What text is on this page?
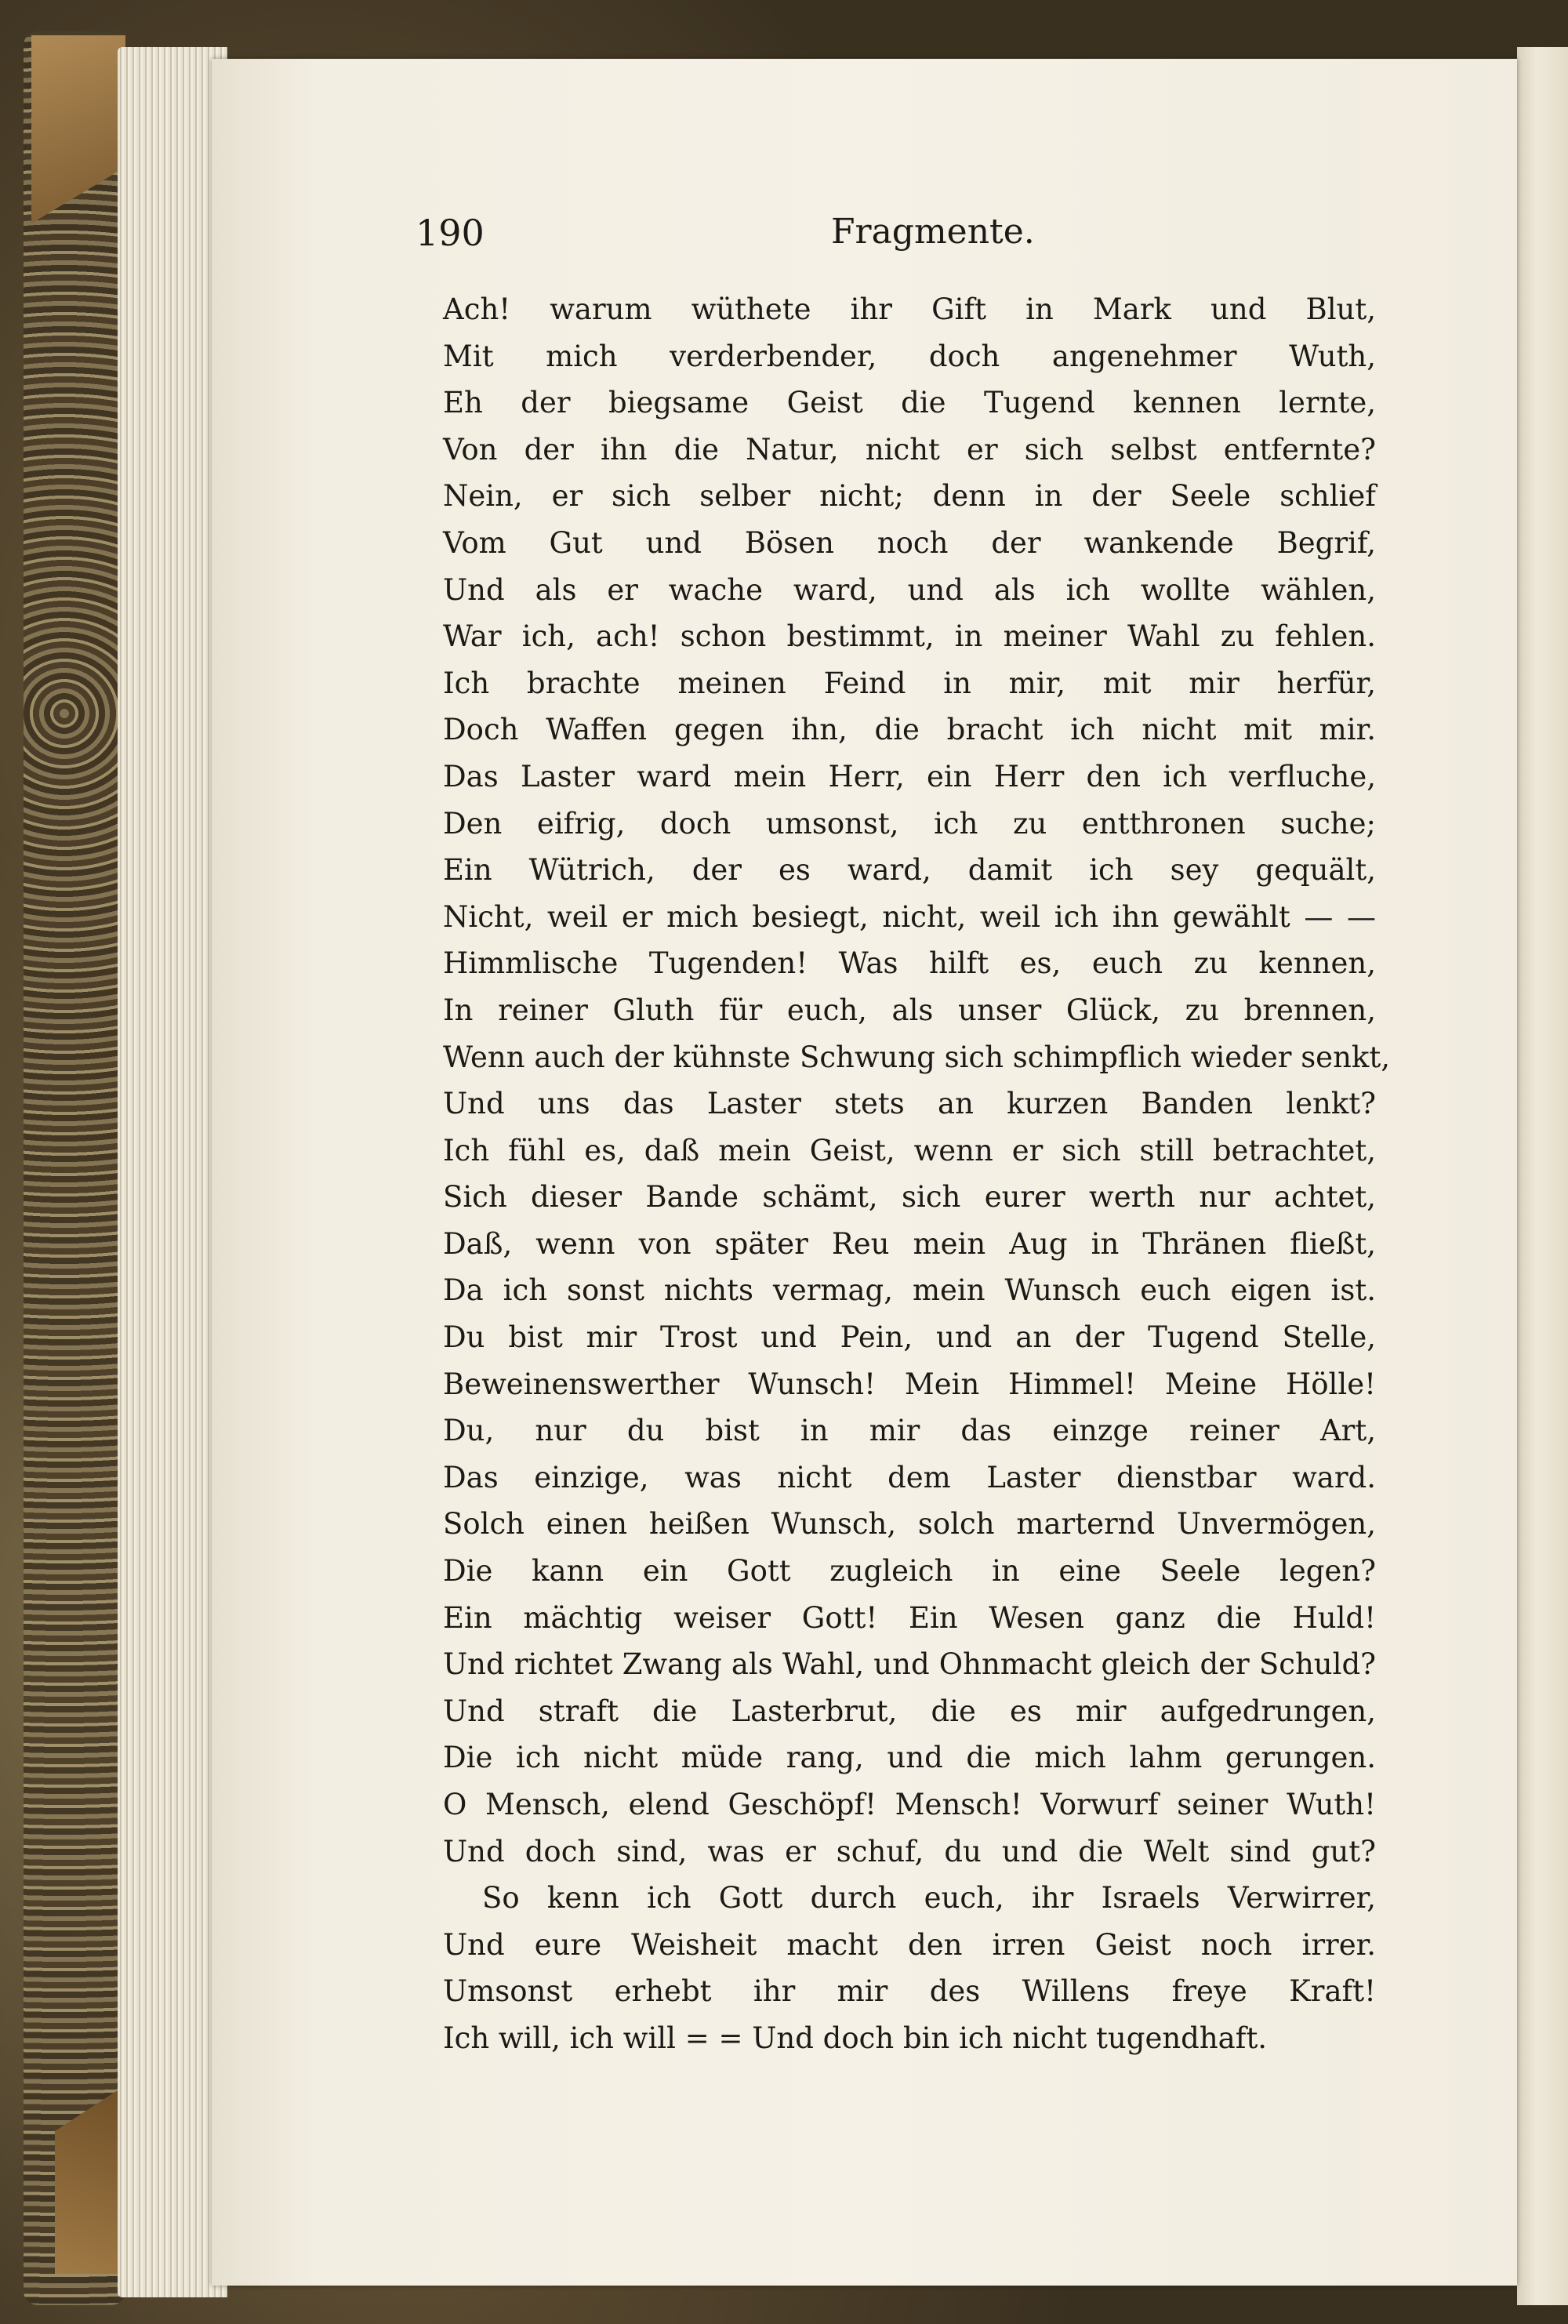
190	Fragmente.
Ach! warum wüthete ihr Gift in Mark und Blut,
Mit mich verderbender, doch angenehmer Wuth,
Eh der biegsame Geist die Tugend kennen lernte,
Von der ihn die Natur, nicht er sich selbst entfernte?
Nein, er sich selber nicht; denn in der Seele schlief
Vom Gut und Bösen noch der wankende Begrif,
Und als er wache ward, und als ich wollte wählen,
War ich, ach! schon bestimmt, in meiner Wahl zu fehlen.
Ich brachte meinen Feind in mir, mit mir herfür,
Doch Waffen gegen ihn, die bracht ich nicht mit mir.
Das Laster ward mein Herr, ein Herr den ich verfluche,
Den eifrig, doch umsonst, ich zu entthronen suche;
Ein Wütrich, der es ward, damit ich sey gequält,
Nicht, weil er mich besiegt, nicht, weil ich ihn gewählt — —
Himmlische Tugenden! Was hilft es, euch zu kennen,
In reiner Gluth für euch, als unser Glück, zu brennen,
Wenn auch der kühnste Schwung sich schimpflich wieder senkt,
Und uns das Laster stets an kurzen Banden lenkt?
Ich fühl es, daß mein Geist, wenn er sich still betrachtet,
Sich dieser Bande schämt, sich eurer werth nur achtet,
Daß, wenn von später Reu mein Aug in Thränen fließt,
Da ich sonst nichts vermag, mein Wunsch euch eigen ist.
Du bist mir Trost und Pein, und an der Tugend Stelle,
Beweinenswerther Wunsch! Mein Himmel! Meine Hölle!
Du, nur du bist in mir das einzge reiner Art,
Das einzige, was nicht dem Laster dienstbar ward.
Solch einen heißen Wunsch, solch marternd Unvermögen,
Die kann ein Gott zugleich in eine Seele legen?
Ein mächtig weiser Gott! Ein Wesen ganz die Huld!
Und richtet Zwang als Wahl, und Ohnmacht gleich der Schuld?
Und straft die Lasterbrut, die es mir aufgedrungen,
Die ich nicht müde rang, und die mich lahm gerungen.
O Mensch, elend Geschöpf! Mensch! Vorwurf seiner Wuth!
Und doch sind, was er schuf, du und die Welt sind gut?
So kenn ich Gott durch euch, ihr Israels Verwirrer,
Und eure Weisheit macht den irren Geist noch irrer.
Umsonst erhebt ihr mir des Willens freye Kraft!
Ich will, ich will = = Und doch bin ich nicht tugendhaft.
